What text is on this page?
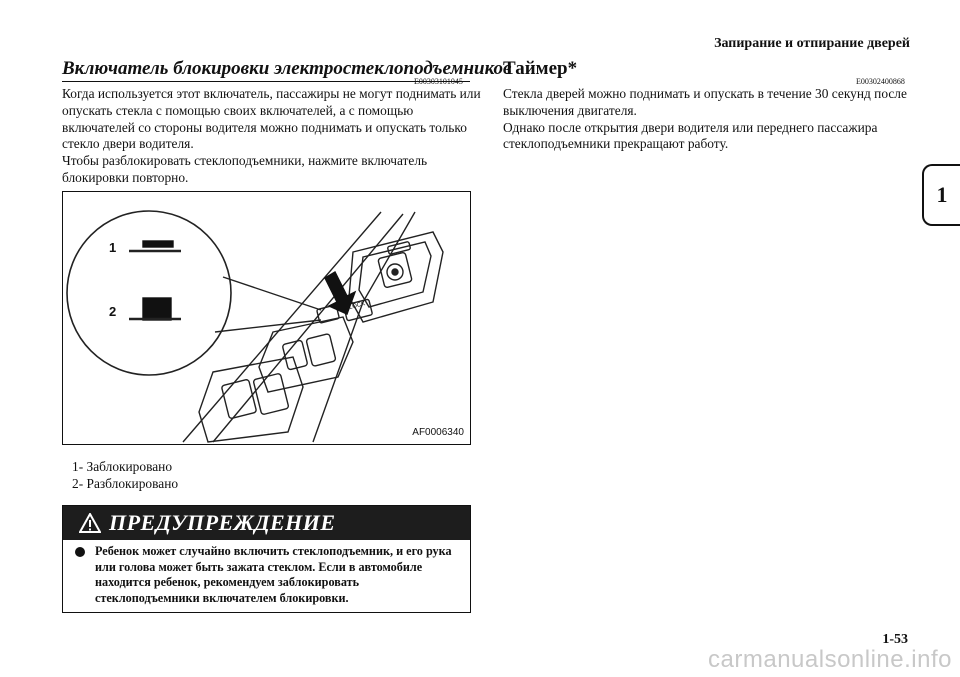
Запирание и отпирание дверей
1
Включатель блокировки электростеклоподъемников
E00303101045
Когда используется этот включатель, пассажиры не могут поднимать или опускать стекла с помощью своих включателей, а с помощью включателей со стороны водителя можно поднимать и опускать только стекло двери водителя.
Чтобы разблокировать стеклоподъемники, нажмите включатель блокировки повторно.
Таймер*
E00302400868
Стекла дверей можно поднимать и опускать в течение 30 секунд после выключения двигателя.
Однако после открытия двери водителя или переднего пассажира стеклоподъемники прекращают работу.
1
2	LOCK
AF0006340
1- Заблокировано
2- Разблокировано
ПРЕДУПРЕЖДЕНИЕ
Ребенок может случайно включить стеклоподъемник, и его рука или голова может быть зажата стеклом. Если в автомобиле находится ребенок, рекомендуем заблокировать стеклоподъемники включателем блокировки.
1-53
carmanualsonline.info
